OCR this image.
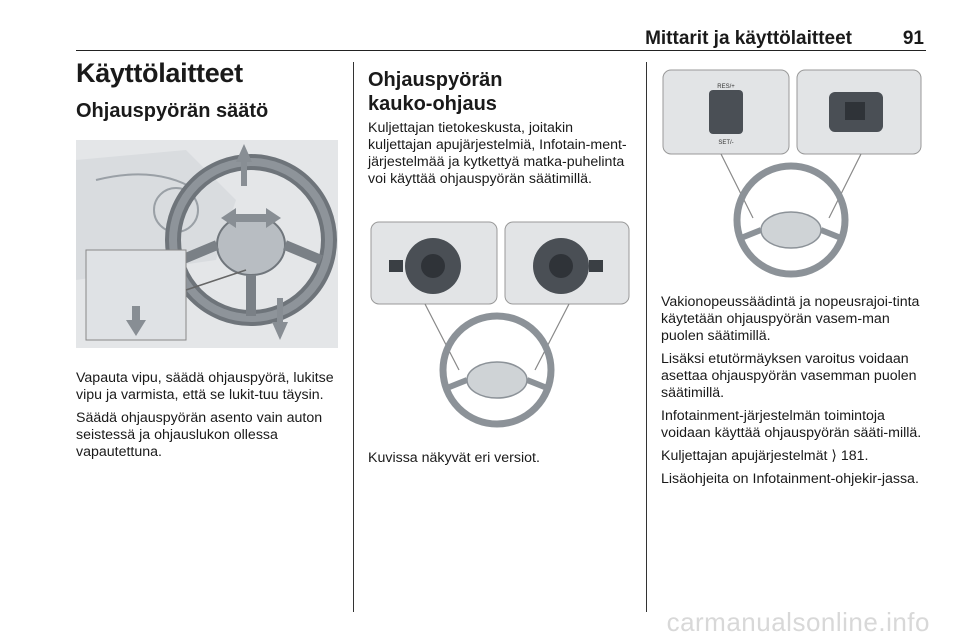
Mittarit ja käyttölaitteet	91
Käyttölaitteet
Ohjauspyörän säätö
Vapauta vipu, säädä ohjauspyörä, lukitse vipu ja varmista, että se lukit-tuu täysin.
Säädä ohjauspyörän asento vain auton seistessä ja ohjauslukon ollessa vapautettuna.
Ohjauspyörän
kauko-ohjaus
Kuljettajan tietokeskusta, joitakin kuljettajan apujärjestelmiä, Infotain-ment-järjestelmää ja kytkettyä matka-puhelinta voi käyttää ohjauspyörän säätimillä.
Kuvissa näkyvät eri versiot.
RES/+
SET/-
Vakionopeussäädintä ja nopeusrajoi-tinta käytetään ohjauspyörän vasem-man puolen säätimillä.
Lisäksi etutörmäyksen varoitus voidaan asettaa ohjauspyörän vasemman puolen säätimillä.
Infotainment-järjestelmän toimintoja voidaan käyttää ohjauspyörän sääti-millä.
Kuljettajan apujärjestelmät ⟩ 181.
Lisäohjeita on Infotainment-ohjekir-jassa.
carmanualsonline.info
